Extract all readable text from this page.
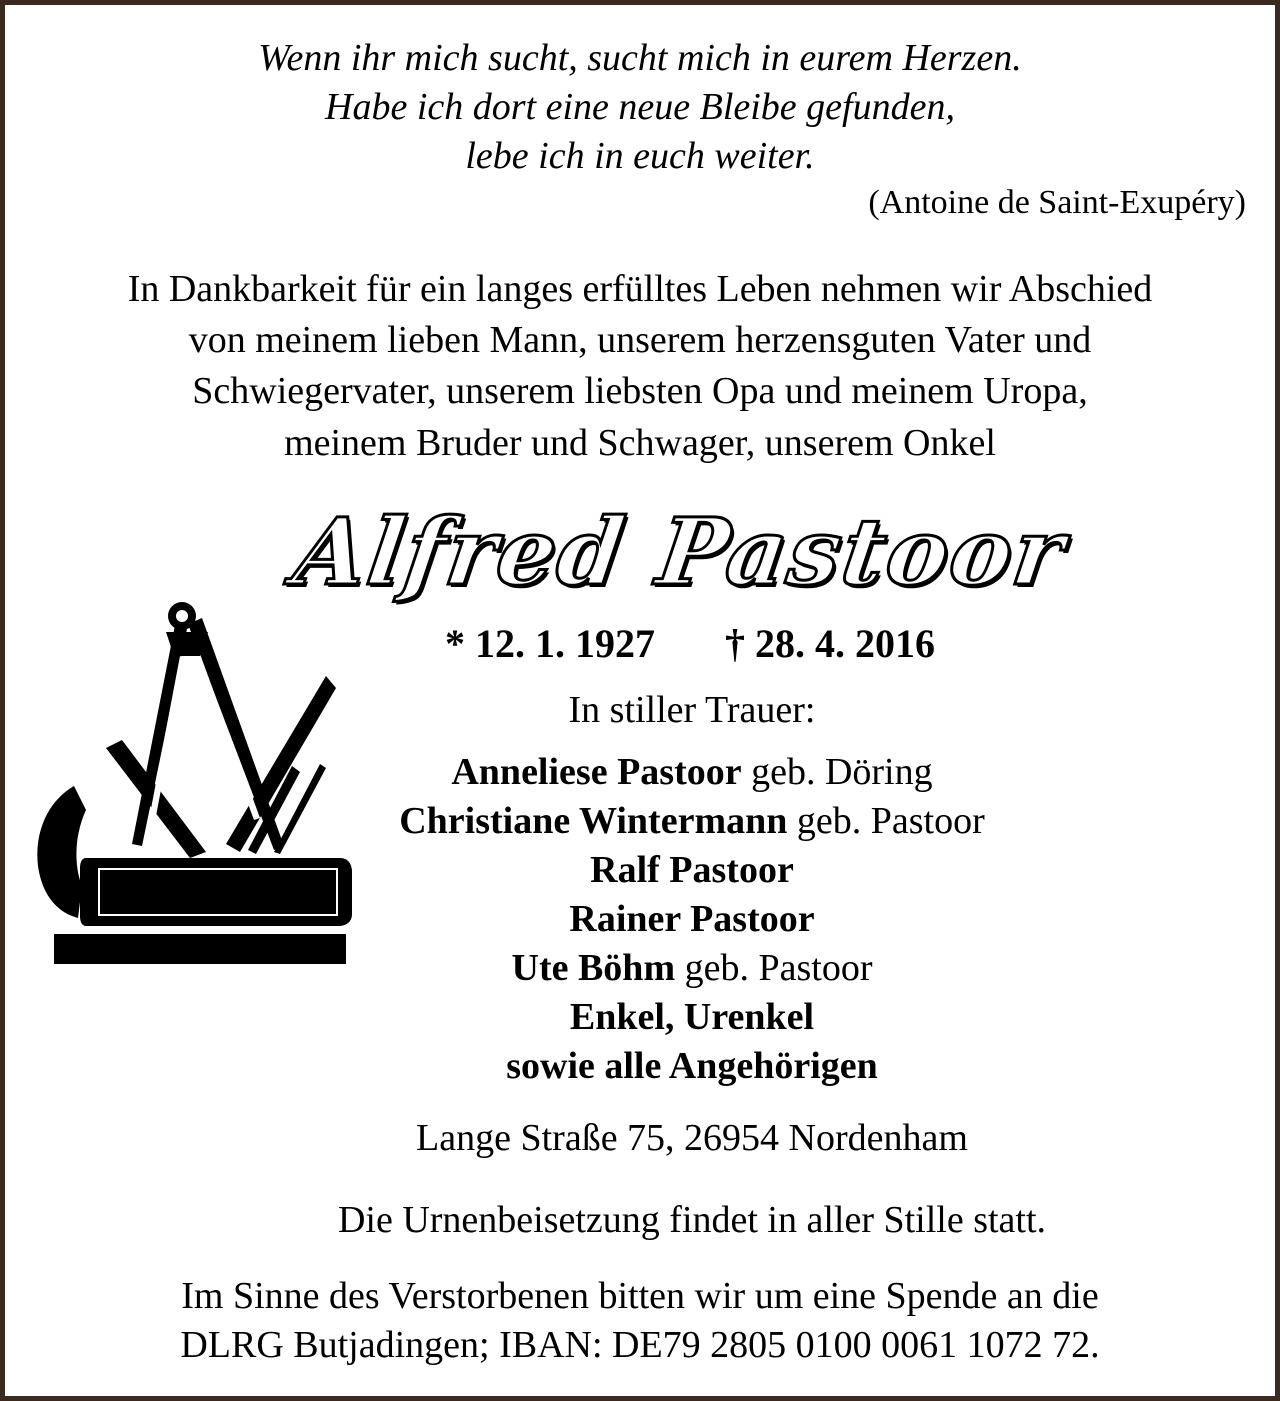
Wenn ihr mich sucht, sucht mich in eurem Herzen.
Habe ich dort eine neue Bleibe gefunden,
lebe ich in euch weiter.
(Antoine de Saint-Exupéry)
In Dankbarkeit für ein langes erfülltes Leben nehmen wir Abschied
von meinem lieben Mann, unserem herzensguten Vater und
Schwiegervater, unserem liebsten Opa und meinem Uropa,
meinem Bruder und Schwager, unserem Onkel
Alfred Pastoor
* 12. 1. 1927 † 28. 4. 2016
In stiller Trauer:
Anneliese Pastoor geb. Döring
Christiane Wintermann geb. Pastoor
Ralf Pastoor
Rainer Pastoor
Ute Böhm geb. Pastoor
Enkel, Urenkel
sowie alle Angehörigen
Lange Straße 75, 26954 Nordenham
Die Urnenbeisetzung findet in aller Stille statt.
Im Sinne des Verstorbenen bitten wir um eine Spende an die
DLRG Butjadingen; IBAN: DE79 2805 0100 0061 1072 72.
